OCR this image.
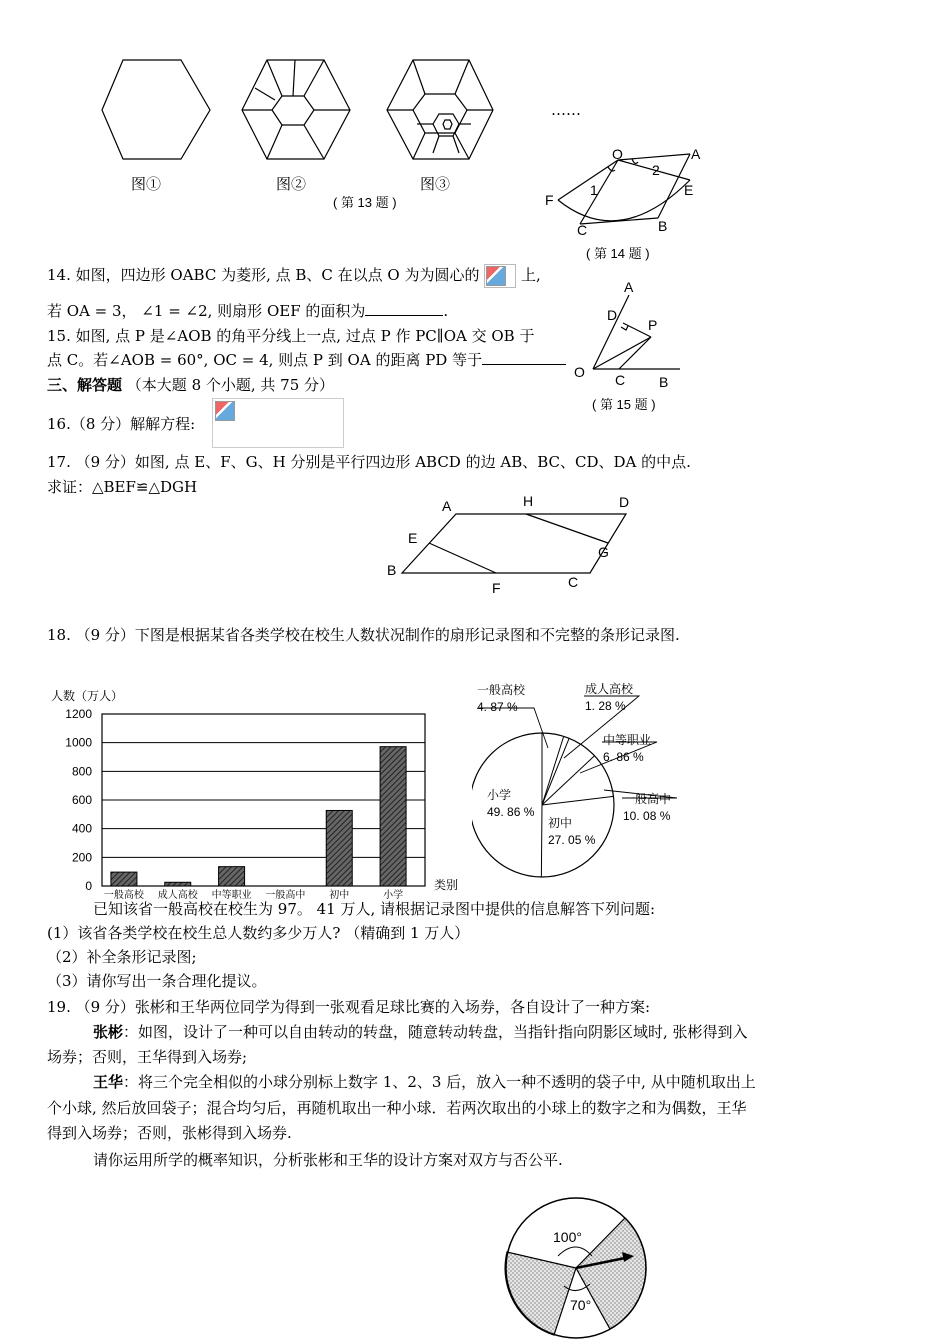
图①	图②	图③
……
( 第 13 题 )
O	A
2
1	E
F
B
C
( 第 14 题 )
14. 如图，四边形 OABC 为菱形, 点 B、C 在以点 O 为为圆心的	上,
若 OA = 3， ∠1 = ∠2, 则扇形 OEF 的面积为	.
15. 如图, 点 P 是∠AOB 的角平分线上一点, 过点 P 作 PC∥OA 交 OB 于
点 C。若∠AOB = 60°, OC = 4, 则点 P 到 OA 的距离 PD 等于
A
D
P
O C B
( 第 15 题 )
三、解答题 （本大题 8 个小题, 共 75 分）
16.（8 分）解解方程:
17. （9 分）如图, 点 E、F、G、H 分别是平行四边形 ABCD 的边 AB、BC、CD、DA 的中点.
求证：△BEF≌△DGH
A	H	D
E
G
B
F	C
18. （9 分）下图是根据某省各类学校在校生人数状况制作的扇形记录图和不完整的条形记录图.
人数（万人）
0
200
400
600
800
1000
1200
一般高校 成人高校 中等职业 一般高中 初中	小学
类别
一般高校
4. 87 %
成人高校
1. 28 %
中等职业
6. 86 %
一般高中
10. 08 %
小学
49. 86 %
初中
27. 05 %
已知该省一般高校在校生为 97。 41 万人, 请根据记录图中提供的信息解答下列问题:
(1）该省各类学校在校生总人数约多少万人? （精确到 1 万人）
（2）补全条形记录图;
（3）请你写出一条合理化提议。
19. （9 分）张彬和王华两位同学为得到一张观看足球比赛的入场券，各自设计了一种方案:
张彬：如图，设计了一种可以自由转动的转盘，随意转动转盘，当指针指向阴影区域时, 张彬得到入
场券；否则，王华得到入场券;
王华：将三个完全相似的小球分别标上数字 1、2、3 后，放入一种不透明的袋子中, 从中随机取出上
个小球, 然后放回袋子；混合均匀后，再随机取出一种小球．若两次取出的小球上的数字之和为偶数，王华
得到入场券；否则，张彬得到入场券.
请你运用所学的概率知识，分析张彬和王华的设计方案对双方与否公平.
100°
70°
